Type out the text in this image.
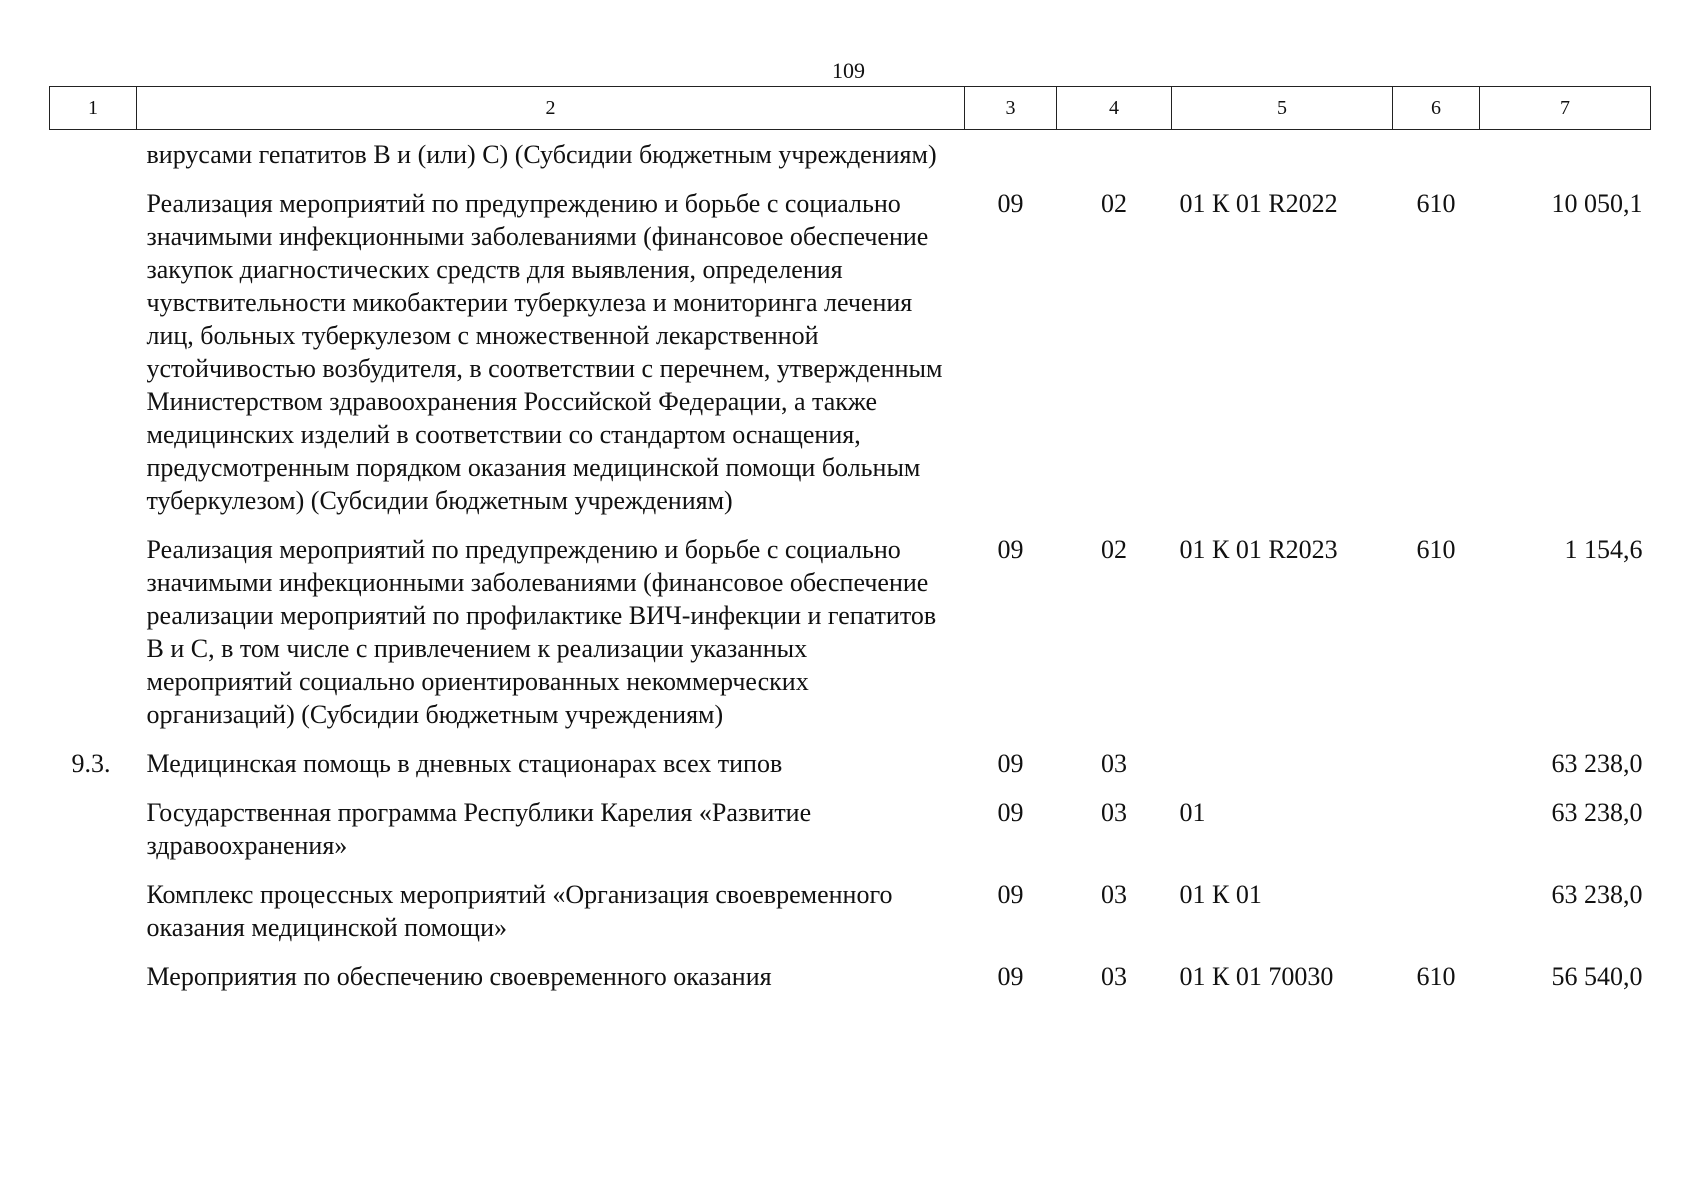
109
1	2	3	4	5	6	7
	вирусами гепатитов В и (или) С) (Субсидии бюджетным учреждениям)					
	Реализация мероприятий по предупреждению и борьбе с социально значимыми инфекционными заболеваниями (финансовое обеспечение закупок диагностических средств для выявления, определения чувствительности микобактерии туберкулеза и мониторинга лечения лиц, больных туберкулезом с множественной лекарственной устойчивостью возбудителя, в соответствии с перечнем, утвержденным Министерством здравоохранения Российской Федерации, а также медицинских изделий в соответствии со стандартом оснащения, предусмотренным порядком оказания медицинской помощи больным туберкулезом) (Субсидии бюджетным учреждениям)	09	02	01 К 01 R2022	610	10 050,1
	Реализация мероприятий по предупреждению и борьбе с социально значимыми инфекционными заболеваниями (финансовое обеспечение реализации мероприятий по профилактике ВИЧ-инфекции и гепатитов В и С, в том числе с привлечением к реализации указанных мероприятий социально ориентированных некоммерческих организаций) (Субсидии бюджетным учреждениям)	09	02	01 К 01 R2023	610	1 154,6
9.3.	Медицинская помощь в дневных стационарах всех типов	09	03			63 238,0
	Государственная программа Республики Карелия «Развитие здравоохранения»	09	03	01		63 238,0
	Комплекс процессных мероприятий «Организация своевременного оказания медицинской помощи»	09	03	01 К 01		63 238,0
	Мероприятия по обеспечению своевременного оказания	09	03	01 К 01 70030	610	56 540,0
